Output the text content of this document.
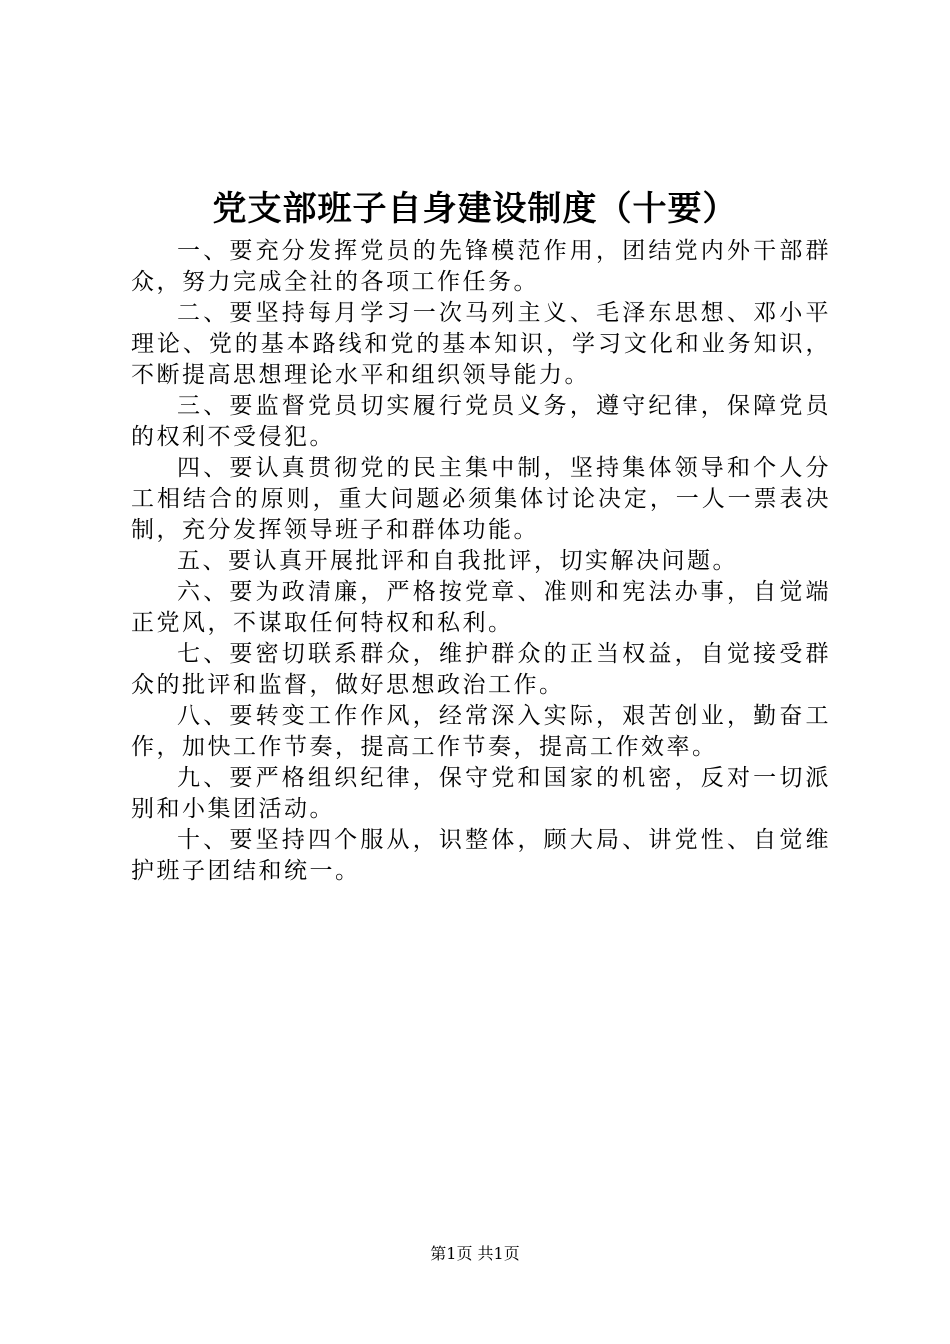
党支部班子自身建设制度（十要）

一、要充分发挥党员的先锋模范作用，团结党内外干部群众，努力完成全社的各项工作任务。

二、要坚持每月学习一次马列主义、毛泽东思想、邓小平理论、党的基本路线和党的基本知识，学习文化和业务知识，不断提高思想理论水平和组织领导能力。

三、要监督党员切实履行党员义务，遵守纪律，保障党员的权利不受侵犯。

四、要认真贯彻党的民主集中制，坚持集体领导和个人分工相结合的原则，重大问题必须集体讨论决定，一人一票表决制，充分发挥领导班子和群体功能。

五、要认真开展批评和自我批评，切实解决问题。

六、要为政清廉，严格按党章、准则和宪法办事，自觉端正党风，不谋取任何特权和私利。

七、要密切联系群众，维护群众的正当权益，自觉接受群众的批评和监督，做好思想政治工作。

八、要转变工作作风，经常深入实际，艰苦创业，勤奋工作，加快工作节奏，提高工作节奏，提高工作效率。

九、要严格组织纪律，保守党和国家的机密，反对一切派别和小集团活动。

十、要坚持四个服从，识整体，顾大局、讲党性、自觉维护班子团结和统一。

第1页 共1页
